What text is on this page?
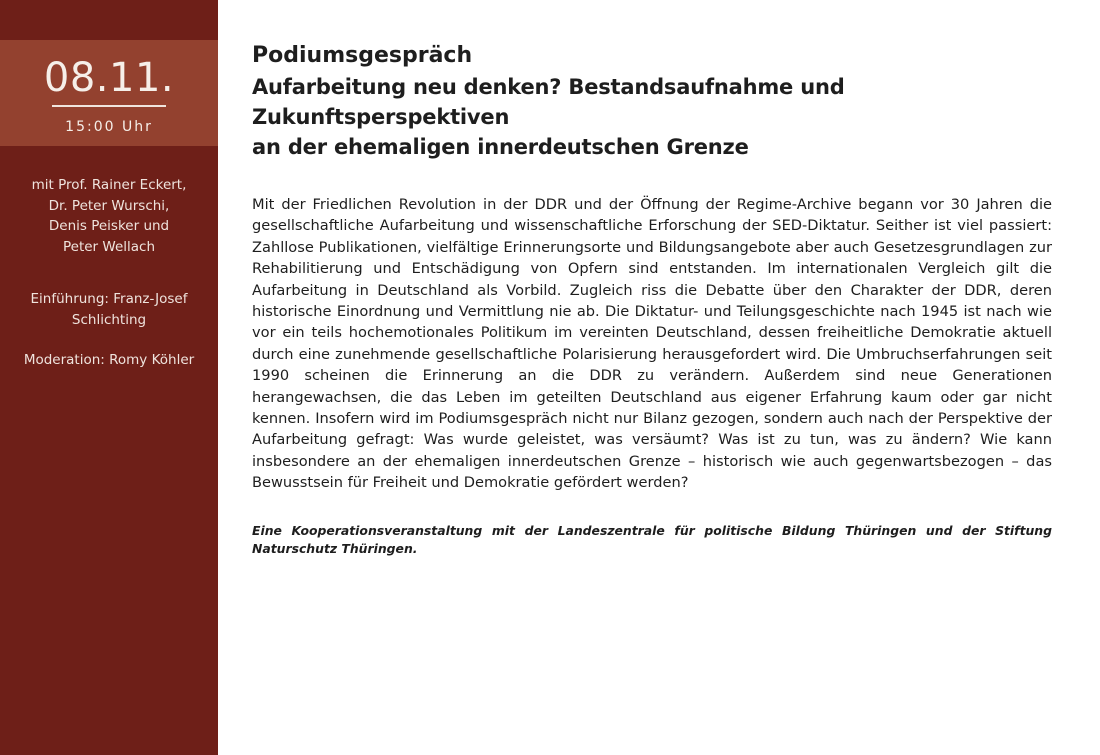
08.11.
15:00 Uhr
mit Prof. Rainer Eckert,
Dr. Peter Wurschi,
Denis Peisker und
Peter Wellach
Einführung: Franz-Josef
Schlichting
Moderation: Romy Köhler
Podiumsgespräch
Aufarbeitung neu denken? Bestandsaufnahme und Zukunftsperspektiven
an der ehemaligen innerdeutschen Grenze

Mit der Friedlichen Revolution in der DDR und der Öffnung der Regime-Archive begann vor 30 Jahren die gesellschaftliche Aufarbeitung und wissenschaftliche Erforschung der SED-Diktatur. Seither ist viel passiert: Zahllose Publikationen, vielfältige Erinnerungsorte und Bildungsangebote aber auch Gesetzesgrundlagen zur Rehabilitierung und Entschädigung von Opfern sind entstanden. Im internationalen Vergleich gilt die Aufarbeitung in Deutschland als Vorbild. Zugleich riss die Debatte über den Charakter der DDR, deren historische Einordnung und Vermittlung nie ab. Die Diktatur- und Teilungsgeschichte nach 1945 ist nach wie vor ein teils hochemotionales Politikum im vereinten Deutschland, dessen freiheitliche Demokratie aktuell durch eine zunehmende gesellschaftliche Polarisierung herausgefordert wird. Die Umbruchserfahrungen seit 1990 scheinen die Erinnerung an die DDR zu verändern. Außerdem sind neue Generationen herangewachsen, die das Leben im geteilten Deutschland aus eigener Erfahrung kaum oder gar nicht kennen. Insofern wird im Podiumsgespräch nicht nur Bilanz gezogen, sondern auch nach der Perspektive der Aufarbeitung gefragt: Was wurde geleistet, was versäumt? Was ist zu tun, was zu ändern? Wie kann insbesondere an der ehemaligen innerdeutschen Grenze – historisch wie auch gegenwartsbezogen – das Bewusstsein für Freiheit und Demokratie gefördert werden?

Eine Kooperationsveranstaltung mit der Landeszentrale für politische Bildung Thüringen und der Stiftung Naturschutz Thüringen.
